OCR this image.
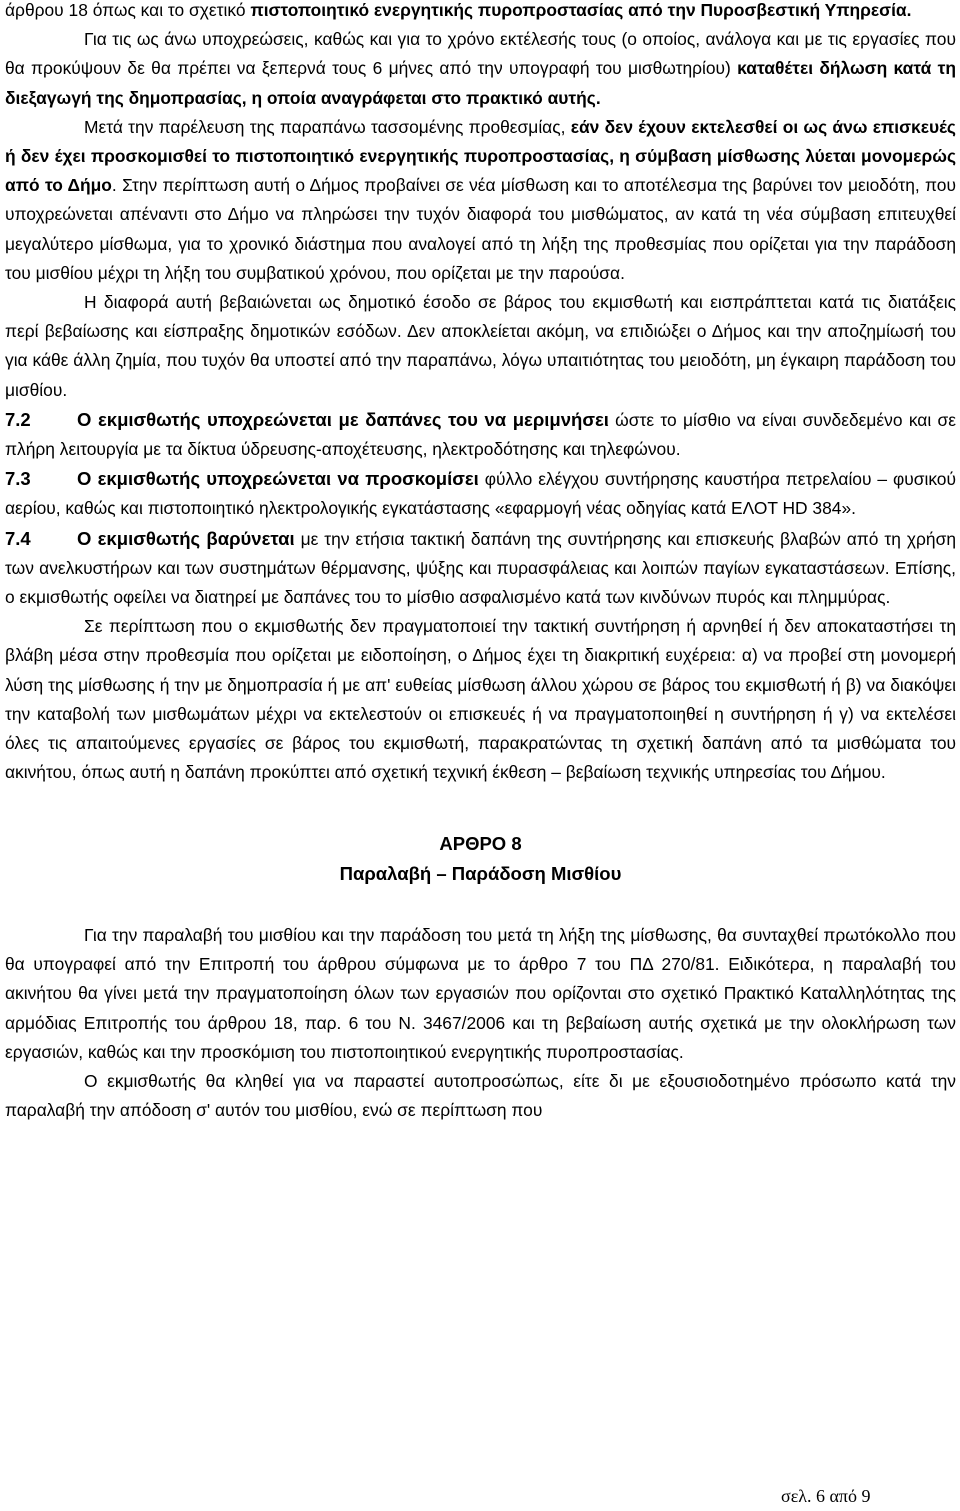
άρθρου 18 όπως και το σχετικό πιστοποιητικό ενεργητικής πυροπροστασίας από την Πυροσβεστική Υπηρεσία.

Για τις ως άνω υποχρεώσεις, καθώς και για το χρόνο εκτέλεσής τους (ο οποίος, ανάλογα και με τις εργασίες που θα προκύψουν δε θα πρέπει να ξεπερνά τους 6 μήνες από την υπογραφή του μισθωτηρίου) καταθέτει δήλωση κατά τη διεξαγωγή της δημοπρασίας, η οποία αναγράφεται στο πρακτικό αυτής.

Μετά την παρέλευση της παραπάνω τασσομένης προθεσμίας, εάν δεν έχουν εκτελεσθεί οι ως άνω επισκευές ή δεν έχει προσκομισθεί το πιστοποιητικό ενεργητικής πυροπροστασίας, η σύμβαση μίσθωσης λύεται μονομερώς από το Δήμο. Στην περίπτωση αυτή ο Δήμος προβαίνει σε νέα μίσθωση και το αποτέλεσμα της βαρύνει τον μειοδότη, που υποχρεώνεται απέναντι στο Δήμο να πληρώσει την τυχόν διαφορά του μισθώματος, αν κατά τη νέα σύμβαση επιτευχθεί μεγαλύτερο μίσθωμα, για το χρονικό διάστημα που αναλογεί από τη λήξη της προθεσμίας που ορίζεται για την παράδοση του μισθίου μέχρι τη λήξη του συμβατικού χρόνου, που ορίζεται με την παρούσα.

Η διαφορά αυτή βεβαιώνεται ως δημοτικό έσοδο σε βάρος του εκμισθωτή και εισπράπτεται κατά τις διατάξεις περί βεβαίωσης και είσπραξης δημοτικών εσόδων. Δεν αποκλείεται ακόμη, να επιδιώξει ο Δήμος και την αποζημίωσή του για κάθε άλλη ζημία, που τυχόν θα υποστεί από την παραπάνω, λόγω υπαιτιότητας του μειοδότη, μη έγκαιρη παράδοση του μισθίου.

7.2	Ο εκμισθωτής υποχρεώνεται με δαπάνες του να μεριμνήσει ώστε το μίσθιο να είναι συνδεδεμένο και σε πλήρη λειτουργία με τα δίκτυα ύδρευσης-αποχέτευσης, ηλεκτροδότησης και τηλεφώνου.

7.3	Ο εκμισθωτής υποχρεώνεται να προσκομίσει φύλλο ελέγχου συντήρησης καυστήρα πετρελαίου – φυσικού αερίου, καθώς και πιστοποιητικό ηλεκτρολογικής εγκατάστασης «εφαρμογή νέας οδηγίας κατά ΕΛΟΤ HD 384».

7.4	Ο εκμισθωτής βαρύνεται με την ετήσια τακτική δαπάνη της συντήρησης και επισκευής βλαβών από τη χρήση των ανελκυστήρων και των συστημάτων θέρμανσης, ψύξης και πυρασφάλειας και λοιπών παγίων εγκαταστάσεων. Επίσης, ο εκμισθωτής οφείλει να διατηρεί με δαπάνες του το μίσθιο ασφαλισμένο κατά των κινδύνων πυρός και πλημμύρας.

Σε περίπτωση που ο εκμισθωτής δεν πραγματοποιεί την τακτική συντήρηση ή αρνηθεί ή δεν αποκαταστήσει τη βλάβη μέσα στην προθεσμία που ορίζεται με ειδοποίηση, ο Δήμος έχει τη διακριτική ευχέρεια: α) να προβεί στη μονομερή λύση της μίσθωσης ή την με δημοπρασία ή με απ' ευθείας μίσθωση άλλου χώρου σε βάρος του εκμισθωτή ή β) να διακόψει την καταβολή των μισθωμάτων μέχρι να εκτελεστούν οι επισκευές ή να πραγματοποιηθεί η συντήρηση ή γ) να εκτελέσει όλες τις απαιτούμενες εργασίες σε βάρος του εκμισθωτή, παρακρατώντας τη σχετική δαπάνη από τα μισθώματα του ακινήτου, όπως αυτή η δαπάνη προκύπτει από σχετική τεχνική έκθεση – βεβαίωση τεχνικής υπηρεσίας του Δήμου.

ΑΡΘΡΟ 8

Παραλαβή – Παράδοση Μισθίου

Για την παραλαβή του μισθίου και την παράδοση του μετά τη λήξη της μίσθωσης, θα συνταχθεί πρωτόκολλο που θα υπογραφεί από την Επιτροπή του άρθρου σύμφωνα με το άρθρο 7 του ΠΔ 270/81. Ειδικότερα, η παραλαβή του ακινήτου θα γίνει μετά την πραγματοποίηση όλων των εργασιών που ορίζονται στο σχετικό Πρακτικό Καταλληλότητας της αρμόδιας Επιτροπής του άρθρου 18, παρ. 6 του Ν. 3467/2006 και τη βεβαίωση αυτής σχετικά με την ολοκλήρωση των εργασιών, καθώς και την προσκόμιση του πιστοποιητικού ενεργητικής πυροπροστασίας.

Ο εκμισθωτής θα κληθεί για να παραστεί αυτοπροσώπως, είτε δι με εξουσιοδοτημένο πρόσωπο κατά την παραλαβή την απόδοση σ' αυτόν του μισθίου, ενώ σε περίπτωση που

σελ. 6 από 9
